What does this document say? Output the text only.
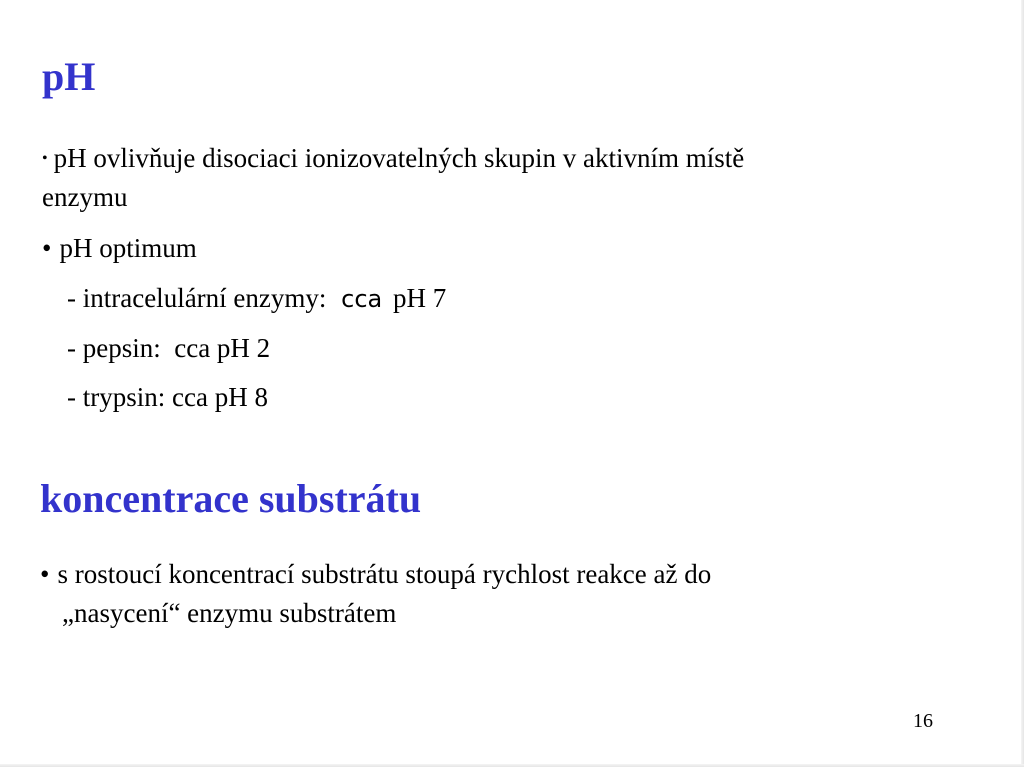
pH
• pH ovlivňuje disociaci ionizovatelných skupin v aktivním místě
enzymu
• pH optimum
- intracelulární enzymy: cca pH 7
- pepsin:  cca pH 2
- trypsin: cca pH 8
koncentrace substrátu
• s rostoucí koncentrací substrátu stoupá rychlost reakce až do
„nasycení“ enzymu substrátem
16
